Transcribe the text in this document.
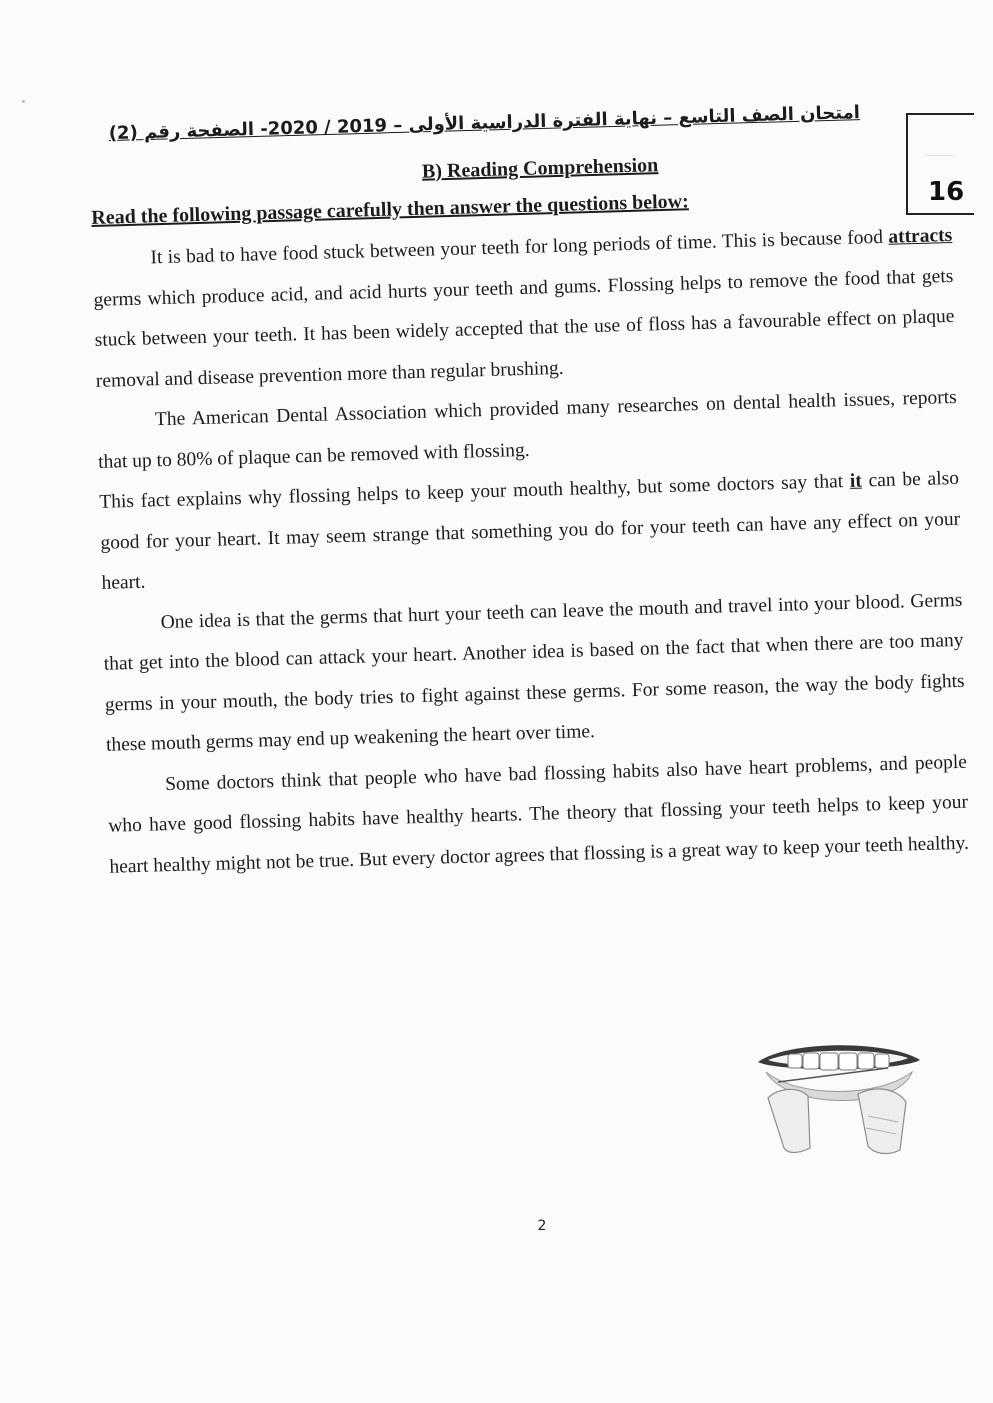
امتحان الصف التاسع – نهاية الفترة الدراسية الأولى – 2019 / 2020- الصفحة رقم (2)
16
B) Reading Comprehension
Read the following passage carefully then answer the questions below:

It is bad to have food stuck between your teeth for long periods of time. This is because food attracts germs which produce acid, and acid hurts your teeth and gums. Flossing helps to remove the food that gets stuck between your teeth. It has been widely accepted that the use of floss has a favourable effect on plaque removal and disease prevention more than regular brushing.

The American Dental Association which provided many researches on dental health issues, reports that up to 80% of plaque can be removed with flossing.

This fact explains why flossing helps to keep your mouth healthy, but some doctors say that it can be also good for your heart. It may seem strange that something you do for your teeth can have any effect on your heart.

One idea is that the germs that hurt your teeth can leave the mouth and travel into your blood. Germs that get into the blood can attack your heart. Another idea is based on the fact that when there are too many germs in your mouth, the body tries to fight against these germs. For some reason, the way the body fights these mouth germs may end up weakening the heart over time.

Some doctors think that people who have bad flossing habits also have heart problems, and people who have good flossing habits have healthy hearts. The theory that flossing your teeth helps to keep your heart healthy might not be true. But every doctor agrees that flossing is a great way to keep your teeth healthy.

2
